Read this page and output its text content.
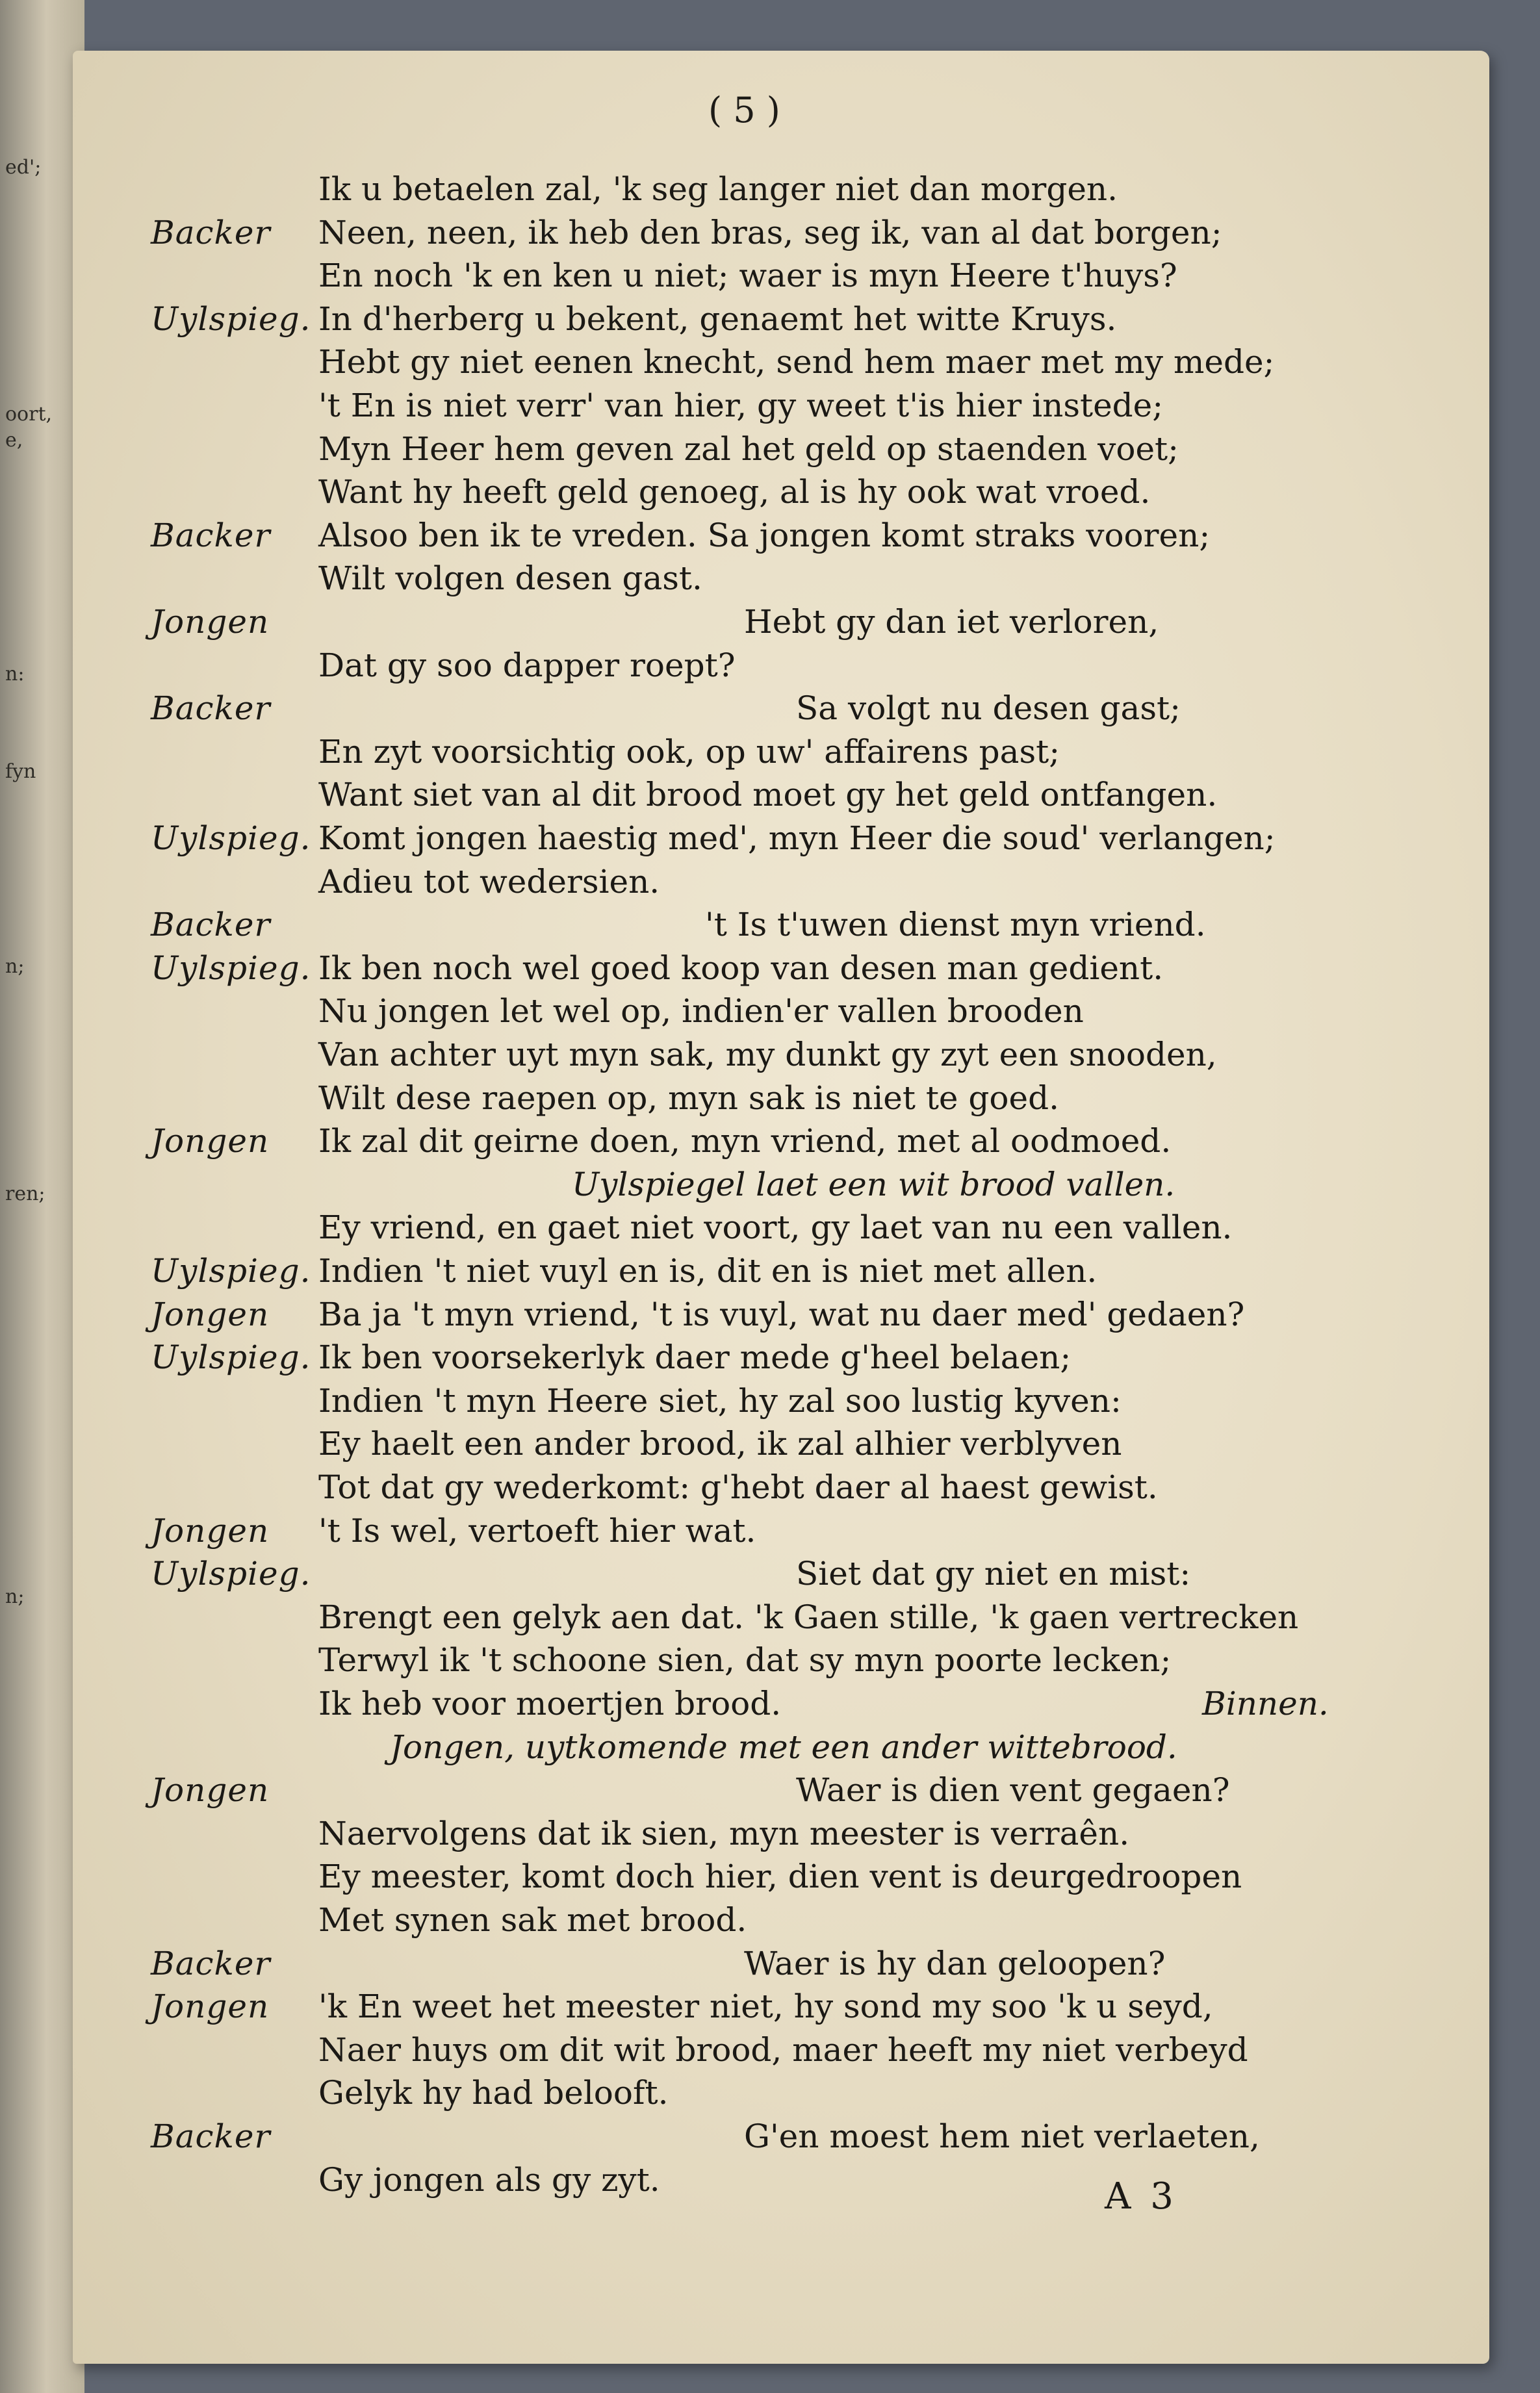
ed';
oort,
e,
n:
fyn
n;
ren;
n;
( 5 )
Ik u betaelen zal, 'k seg langer niet dan morgen.
Backer Neen, neen, ik heb den bras, seg ik, van al dat borgen;
En noch 'k en ken u niet; waer is myn Heere t'huys?
Uylspieg. In d'herberg u bekent, genaemt het witte Kruys.
Hebt gy niet eenen knecht, send hem maer met my mede;
't En is niet verr' van hier, gy weet t'is hier instede;
Myn Heer hem geven zal het geld op staenden voet;
Want hy heeft geld genoeg, al is hy ook wat vroed.
Backer Alsoo ben ik te vreden. Sa jongen komt straks vooren;
Wilt volgen desen gast.
Jongen	Hebt gy dan iet verloren,
Dat gy soo dapper roept?
Backer	Sa volgt nu desen gast;
En zyt voorsichtig ook, op uw' affairens past;
Want siet van al dit brood moet gy het geld ontfangen.
Uylspieg. Komt jongen haestig med', myn Heer die soud' verlangen;
Adieu tot wedersien.
Backer	't Is t'uwen dienst myn vriend.
Uylspieg. Ik ben noch wel goed koop van desen man gedient.
Nu jongen let wel op, indien'er vallen brooden
Van achter uyt myn sak, my dunkt gy zyt een snooden,
Wilt dese raepen op, myn sak is niet te goed.
Jongen Ik zal dit geirne doen, myn vriend, met al oodmoed.
Uylspiegel laet een wit brood vallen.
Ey vriend, en gaet niet voort, gy laet van nu een vallen.
Uylspieg. Indien 't niet vuyl en is, dit en is niet met allen.
Jongen Ba ja 't myn vriend, 't is vuyl, wat nu daer med' gedaen?
Uylspieg. Ik ben voorsekerlyk daer mede g'heel belaen;
Indien 't myn Heere siet, hy zal soo lustig kyven:
Ey haelt een ander brood, ik zal alhier verblyven
Tot dat gy wederkomt: g'hebt daer al haest gewist.
Jongen 't Is wel, vertoeft hier wat.
Uylspieg.	Siet dat gy niet en mist:
Brengt een gelyk aen dat. 'k Gaen stille, 'k gaen vertrecken
Terwyl ik 't schoone sien, dat sy myn poorte lecken;
Ik heb voor moertjen brood.	Binnen.
Jongen, uytkomende met een ander wittebrood.
Jongen	Waer is dien vent gegaen?
Naervolgens dat ik sien, myn meester is verraên.
Ey meester, komt doch hier, dien vent is deurgedroopen
Met synen sak met brood.
Backer	Waer is hy dan geloopen?
Jongen 'k En weet het meester niet, hy sond my soo 'k u seyd,
Naer huys om dit wit brood, maer heeft my niet verbeyd
Gelyk hy had belooft.
Backer	G'en moest hem niet verlaeten,
Gy jongen als gy zyt.	A 3
